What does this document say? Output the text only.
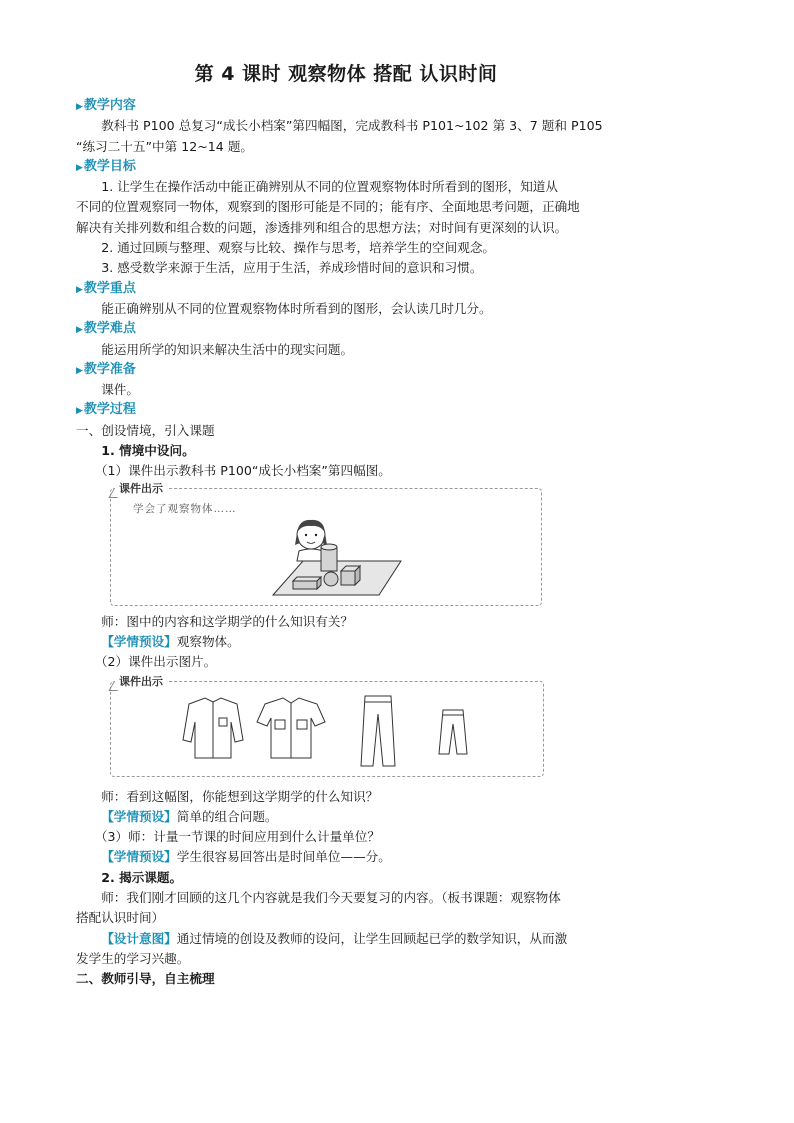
第 4 课时 观察物体 搭配 认识时间
▶教学内容
教科书 P100 总复习“成长小档案”第四幅图，完成教科书 P101~102 第 3、7 题和 P105
“练习二十五”中第 12~14 题。
▶教学目标
1. 让学生在操作活动中能正确辨别从不同的位置观察物体时所看到的图形，知道从
不同的位置观察同一物体，观察到的图形可能是不同的；能有序、全面地思考问题，正确地
解决有关排列数和组合数的问题，渗透排列和组合的思想方法；对时间有更深刻的认识。
2. 通过回顾与整理、观察与比较、操作与思考，培养学生的空间观念。
3. 感受数学来源于生活，应用于生活，养成珍惜时间的意识和习惯。
▶教学重点
能正确辨别从不同的位置观察物体时所看到的图形，会认读几时几分。
▶教学难点
能运用所学的知识来解决生活中的现实问题。
▶教学准备
课件。
▶教学过程
一、创设情境，引入课题
1. 情境中设问。
（1）课件出示教科书 P100“成长小档案”第四幅图。
课件出示
学会了观察物体……
师：图中的内容和这学期学的什么知识有关？
【学情预设】观察物体。
（2）课件出示图片。
课件出示
师：看到这幅图，你能想到这学期学的什么知识？
【学情预设】简单的组合问题。
（3）师：计量一节课的时间应用到什么计量单位？
【学情预设】学生很容易回答出是时间单位——分。
2. 揭示课题。
师：我们刚才回顾的这几个内容就是我们今天要复习的内容。（板书课题：观察物体
搭配认识时间）
【设计意图】通过情境的创设及教师的设问，让学生回顾起已学的数学知识，从而激
发学生的学习兴趣。
二、教师引导，自主梳理
